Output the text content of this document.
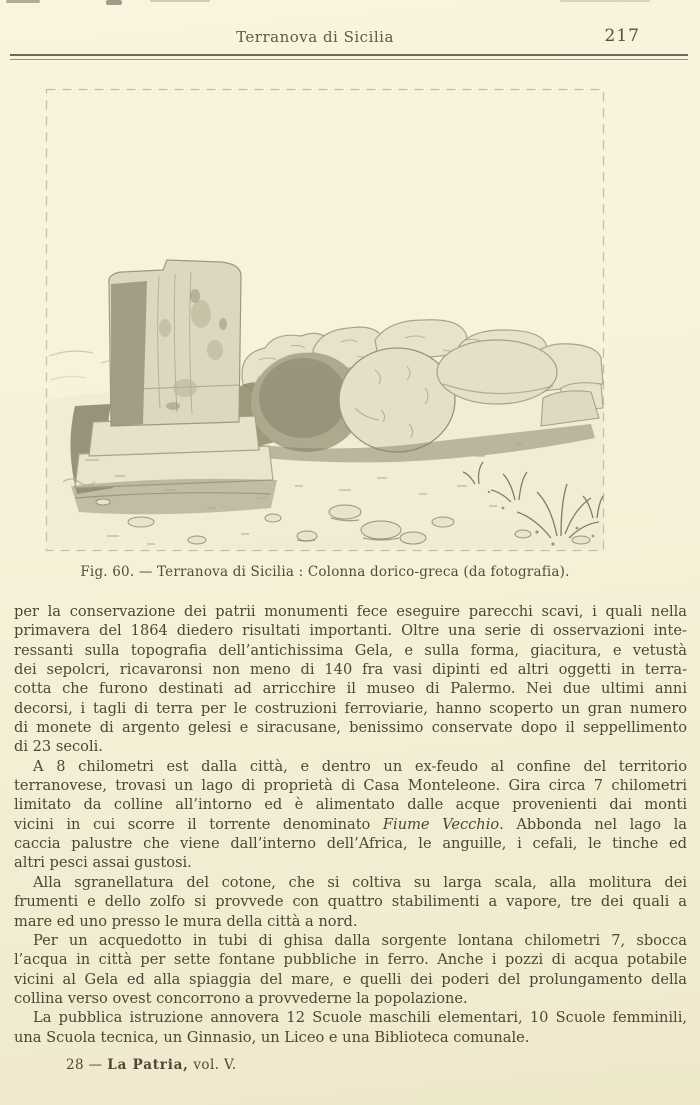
Terranova di Sicilia	217
Fig. 60. — Terranova di Sicilia : Colonna dorico-greca (da fotografia).
per la conservazione dei patrii monumenti fece eseguire parecchi scavi, i quali nella
primavera del 1864 diedero risultati importanti. Oltre una serie di osservazioni inte-
ressanti sulla topografia dell’antichissima Gela, e sulla forma, giacitura, e vetustà
dei sepolcri, ricavaronsi non meno di 140 fra vasi dipinti ed altri oggetti in terra-
cotta che furono destinati ad arricchire il museo di Palermo. Nei due ultimi anni
decorsi, i tagli di terra per le costruzioni ferroviarie, hanno scoperto un gran numero
di monete di argento gelesi e siracusane, benissimo conservate dopo il seppellimento
di 23 secoli.
A 8 chilometri est dalla città, e dentro un ex-feudo al confine del territorio
terranovese, trovasi un lago di proprietà di Casa Monteleone. Gira circa 7 chilometri
limitato da colline all’intorno ed è alimentato dalle acque provenienti dai monti
vicini in cui scorre il torrente denominato Fiume Vecchio. Abbonda nel lago la
caccia palustre che viene dall’interno dell’Africa, le anguille, i cefali, le tinche ed
altri pesci assai gustosi.
Alla sgranellatura del cotone, che si coltiva su larga scala, alla molitura dei
frumenti e dello zolfo si provvede con quattro stabilimenti a vapore, tre dei quali a
mare ed uno presso le mura della città a nord.
Per un acquedotto in tubi di ghisa dalla sorgente lontana chilometri 7, sbocca
l’acqua in città per sette fontane pubbliche in ferro. Anche i pozzi di acqua potabile
vicini al Gela ed alla spiaggia del mare, e quelli dei poderi del prolungamento della
collina verso ovest concorrono a provvederne la popolazione.
La pubblica istruzione annovera 12 Scuole maschili elementari, 10 Scuole femminili,
una Scuola tecnica, un Ginnasio, un Liceo e una Biblioteca comunale.
28 — La Patria, vol. V.
